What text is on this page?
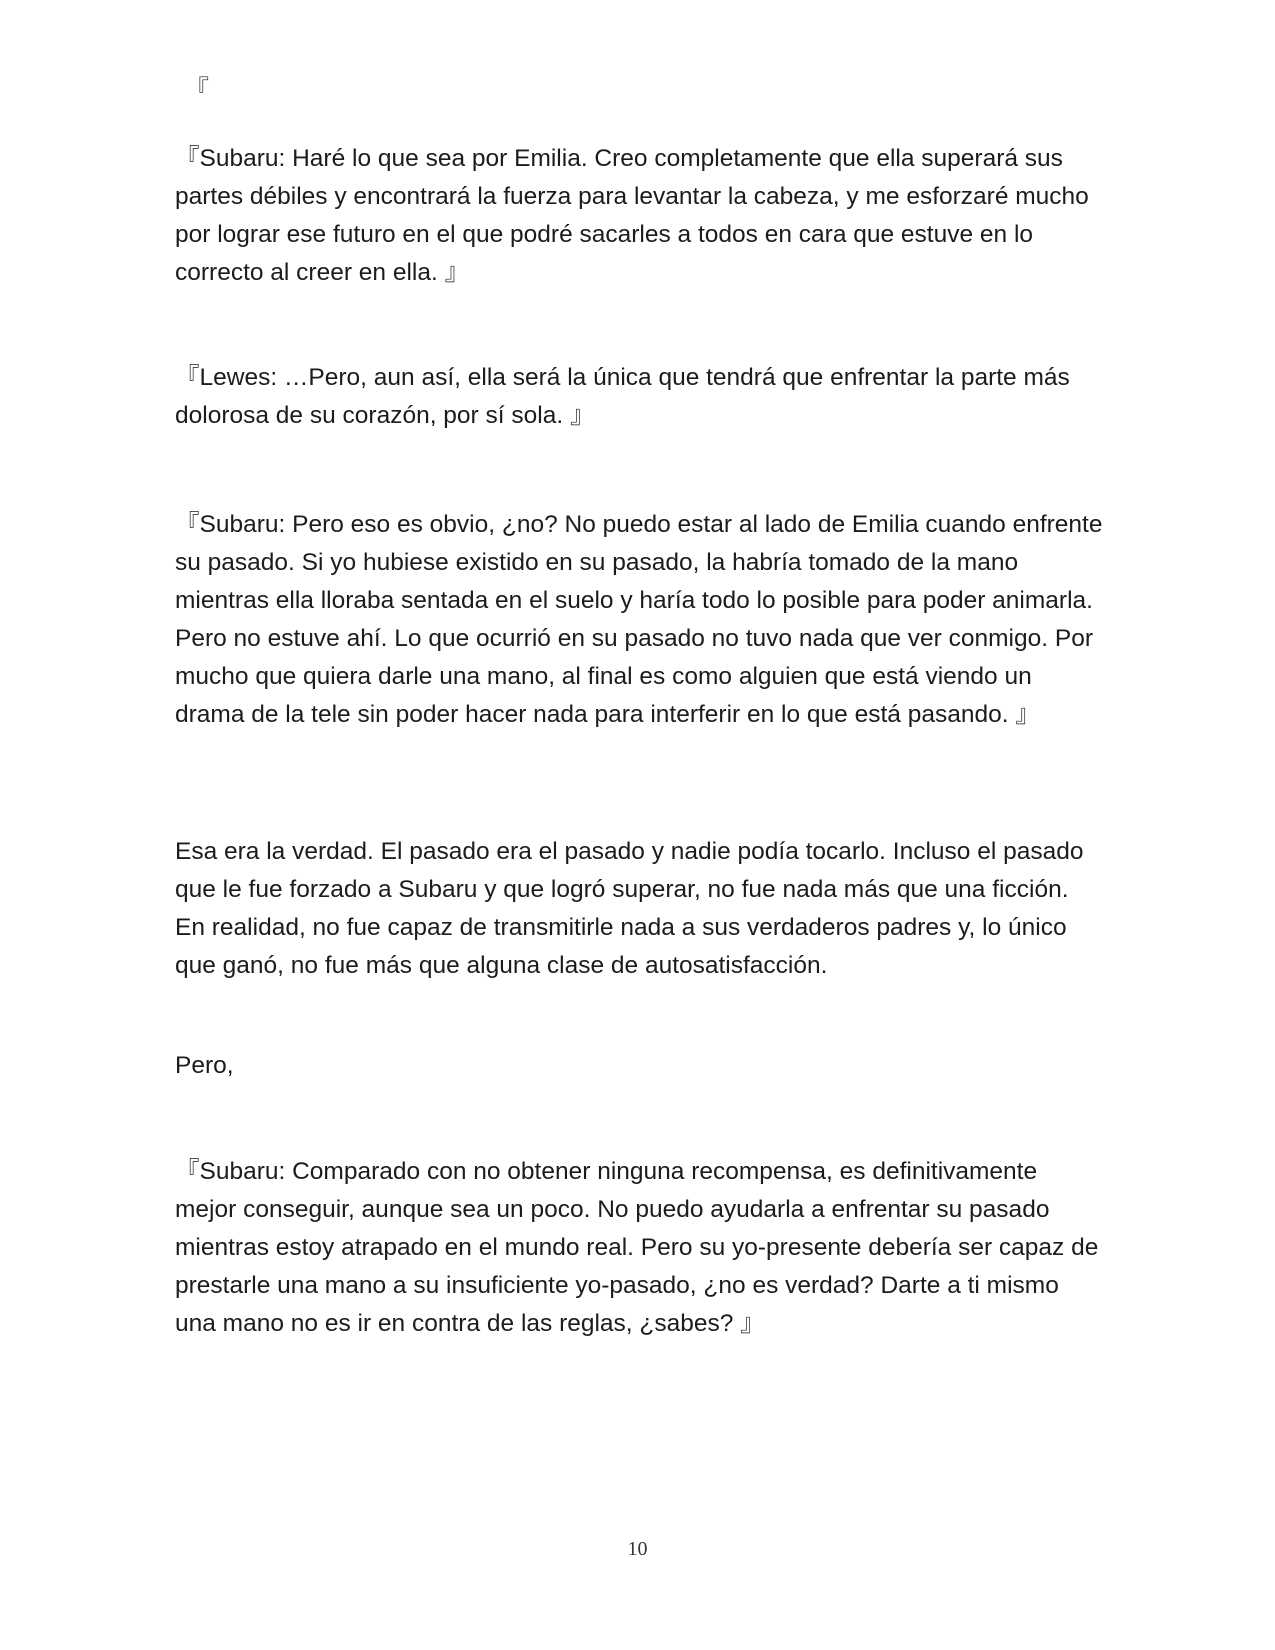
『

『Subaru: Haré lo que sea por Emilia. Creo completamente que ella superará sus partes débiles y encontrará la fuerza para levantar la cabeza, y me esforzaré mucho por lograr ese futuro en el que podré sacarles a todos en cara que estuve en lo correcto al creer en ella. 』

『Lewes: …Pero, aun así, ella será la única que tendrá que enfrentar la parte más dolorosa de su corazón, por sí sola. 』

『Subaru: Pero eso es obvio, ¿no? No puedo estar al lado de Emilia cuando enfrente su pasado. Si yo hubiese existido en su pasado, la habría tomado de la mano mientras ella lloraba sentada en el suelo y haría todo lo posible para poder animarla. Pero no estuve ahí. Lo que ocurrió en su pasado no tuvo nada que ver conmigo. Por mucho que quiera darle una mano, al final es como alguien que está viendo un drama de la tele sin poder hacer nada para interferir en lo que está pasando. 』

Esa era la verdad. El pasado era el pasado y nadie podía tocarlo. Incluso el pasado que le fue forzado a Subaru y que logró superar, no fue nada más que una ficción. En realidad, no fue capaz de transmitirle nada a sus verdaderos padres y, lo único que ganó, no fue más que alguna clase de autosatisfacción.

Pero,

『Subaru: Comparado con no obtener ninguna recompensa, es definitivamente mejor conseguir, aunque sea un poco. No puedo ayudarla a enfrentar su pasado mientras estoy atrapado en el mundo real. Pero su yo-presente debería ser capaz de prestarle una mano a su insuficiente yo-pasado, ¿no es verdad? Darte a ti mismo una mano no es ir en contra de las reglas, ¿sabes? 』

10
